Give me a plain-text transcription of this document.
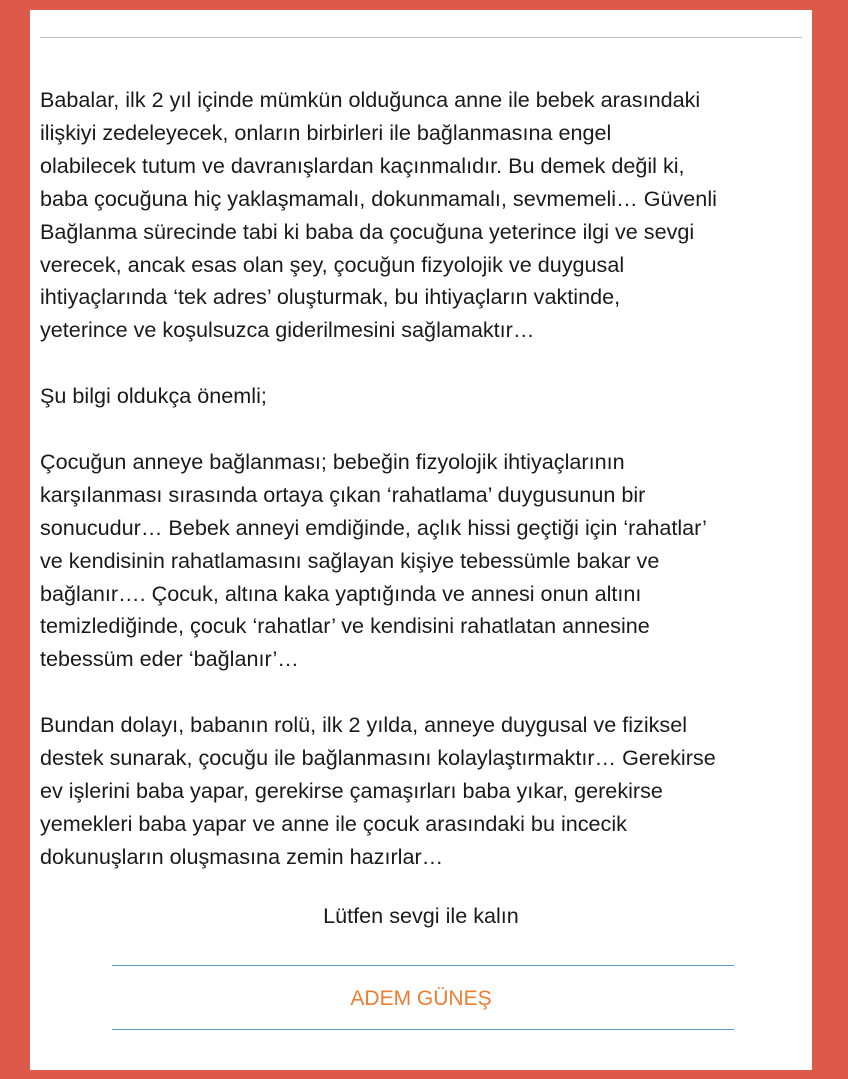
Babalar, ilk 2 yıl içinde mümkün olduğunca anne ile bebek arasındaki
ilişkiyi zedeleyecek, onların birbirleri ile bağlanmasına engel
olabilecek tutum ve davranışlardan kaçınmalıdır. Bu demek değil ki,
baba çocuğuna hiç yaklaşmamalı, dokunmamalı, sevmemeli… Güvenli
Bağlanma sürecinde tabi ki baba da çocuğuna yeterince ilgi ve sevgi
verecek, ancak esas olan şey, çocuğun fizyolojik ve duygusal
ihtiyaçlarında ‘tek adres’ oluşturmak, bu ihtiyaçların vaktinde,
yeterince ve koşulsuzca giderilmesini sağlamaktır…
Şu bilgi oldukça önemli;
Çocuğun anneye bağlanması; bebeğin fizyolojik ihtiyaçlarının
karşılanması sırasında ortaya çıkan ‘rahatlama’ duygusunun bir
sonucudur… Bebek anneyi emdiğinde, açlık hissi geçtiği için ‘rahatlar’
ve kendisinin rahatlamasını sağlayan kişiye tebessümle bakar ve
bağlanır…. Çocuk, altına kaka yaptığında ve annesi onun altını
temizlediğinde, çocuk ‘rahatlar’ ve kendisini rahatlatan annesine
tebessüm eder ‘bağlanır’…
Bundan dolayı, babanın rolü, ilk 2 yılda, anneye duygusal ve fiziksel
destek sunarak, çocuğu ile bağlanmasını kolaylaştırmaktır… Gerekirse
ev işlerini baba yapar, gerekirse çamaşırları baba yıkar, gerekirse
yemekleri baba yapar ve anne ile çocuk arasındaki bu incecik
dokunuşların oluşmasına zemin hazırlar…
Lütfen sevgi ile kalın
ADEM GÜNEŞ
